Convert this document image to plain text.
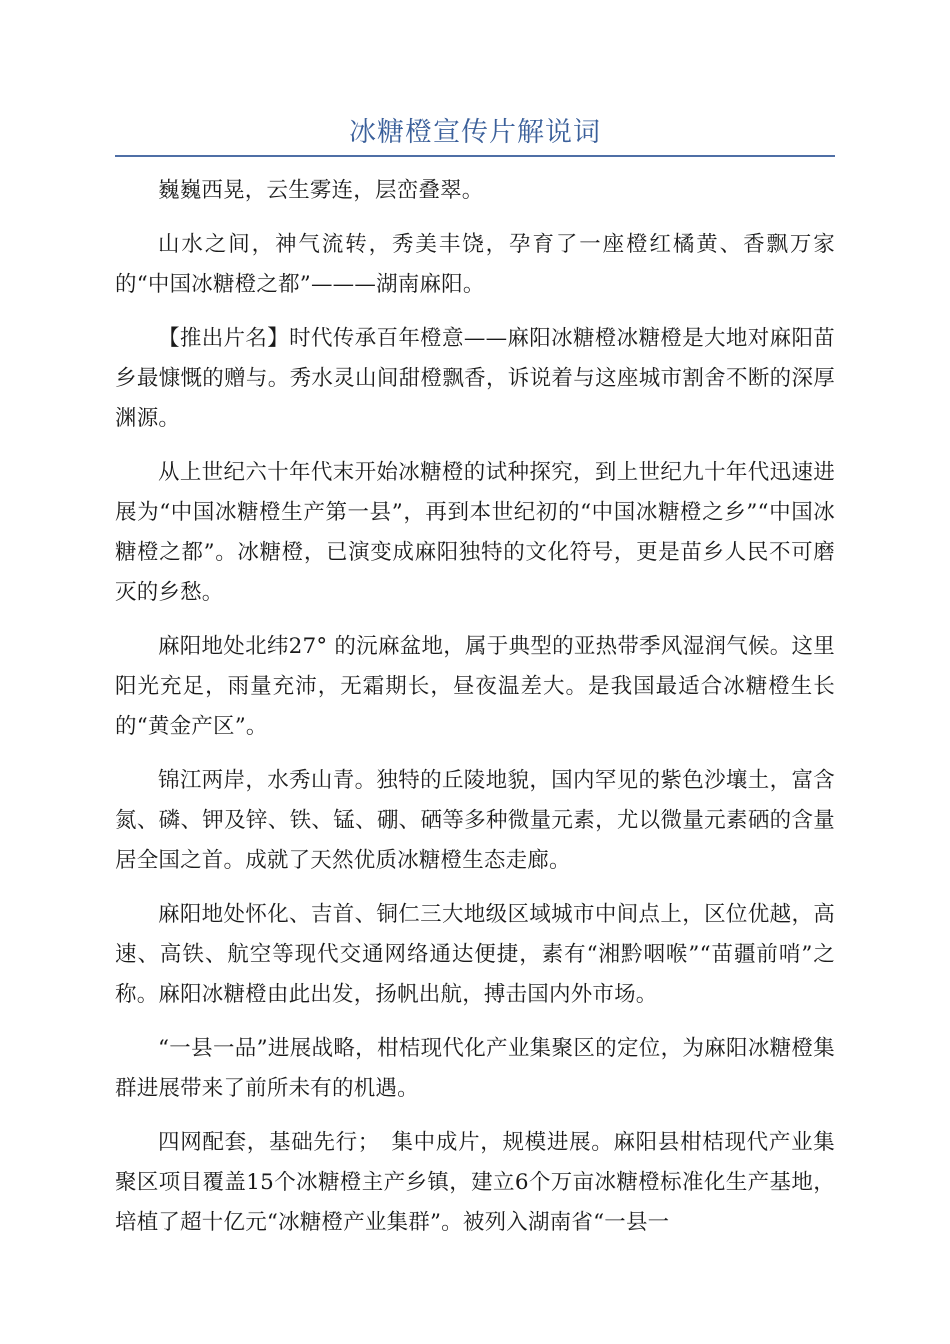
冰糖橙宣传片解说词

巍巍西晃，云生雾连，层峦叠翠。

山水之间，神气流转，秀美丰饶，孕育了一座橙红橘黄、香飘万家的“中国冰糖橙之都”———湖南麻阳。

【推出片名】时代传承百年橙意——麻阳冰糖橙冰糖橙是大地对麻阳苗乡最慷慨的赠与。秀水灵山间甜橙飘香，诉说着与这座城市割舍不断的深厚渊源。

从上世纪六十年代末开始冰糖橙的试种探究，到上世纪九十年代迅速进展为“中国冰糖橙生产第一县”，再到本世纪初的“中国冰糖橙之乡”“中国冰糖橙之都”。冰糖橙，已演变成麻阳独特的文化符号，更是苗乡人民不可磨灭的乡愁。

麻阳地处北纬27° 的沅麻盆地，属于典型的亚热带季风湿润气候。这里阳光充足，雨量充沛，无霜期长，昼夜温差大。是我国最适合冰糖橙生长的“黄金产区”。

锦江两岸，水秀山青。独特的丘陵地貌，国内罕见的紫色沙壤土，富含氮、磷、钾及锌、铁、锰、硼、硒等多种微量元素，尤以微量元素硒的含量居全国之首。成就了天然优质冰糖橙生态走廊。

麻阳地处怀化、吉首、铜仁三大地级区域城市中间点上，区位优越，高速、高铁、航空等现代交通网络通达便捷，素有“湘黔咽喉”“苗疆前哨”之称。麻阳冰糖橙由此出发，扬帆出航，搏击国内外市场。

“一县一品”进展战略，柑桔现代化产业集聚区的定位，为麻阳冰糖橙集群进展带来了前所未有的机遇。

四网配套，基础先行；　集中成片，规模进展。麻阳县柑桔现代产业集聚区项目覆盖15个冰糖橙主产乡镇，建立6个万亩冰糖橙标准化生产基地，培植了超十亿元“冰糖橙产业集群”。被列入湖南省“一县一
